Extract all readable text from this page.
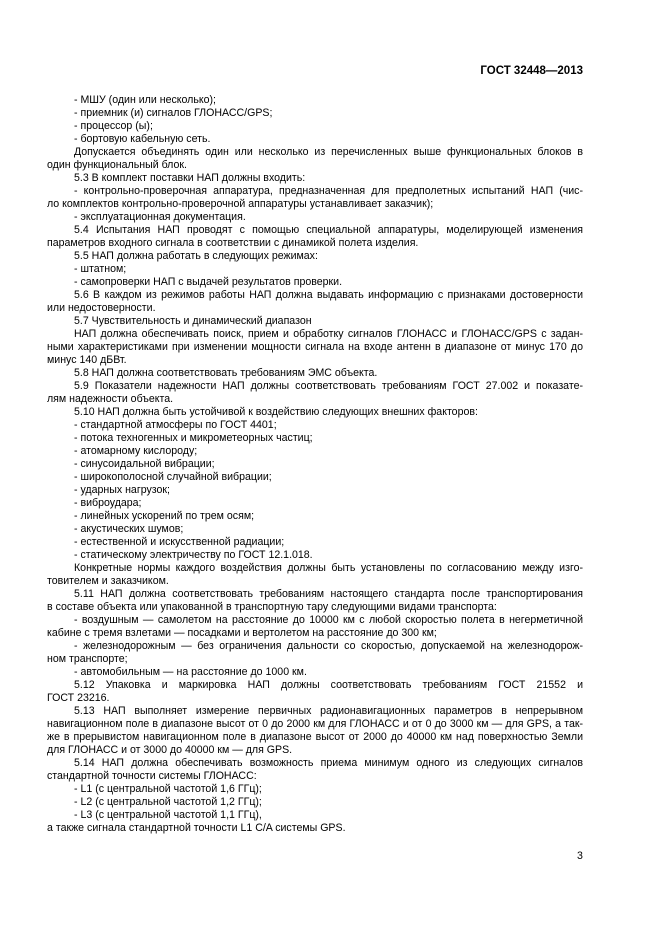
ГОСТ 32448—2013
- МШУ (один или несколько);
- приемник (и) сигналов ГЛОНАСС/GPS;
- процессор (ы);
- бортовую кабельную сеть.
Допускается объединять один или несколько из перечисленных выше функциональных блоков в
один функциональный блок.
5.3 В комплект поставки НАП должны входить:
- контрольно-проверочная аппаратура, предназначенная для предполетных испытаний НАП (чис-
ло комплектов контрольно-проверочной аппаратуры устанавливает заказчик);
- эксплуатационная документация.
5.4 Испытания НАП проводят с помощью специальной аппаратуры, моделирующей изменения
параметров входного сигнала в соответствии с динамикой полета изделия.
5.5 НАП должна работать в следующих режимах:
- штатном;
- самопроверки НАП с выдачей результатов проверки.
5.6 В каждом из режимов работы НАП должна выдавать информацию с признаками достоверности
или недостоверности.
5.7 Чувствительность и динамический диапазон
НАП должна обеспечивать поиск, прием и обработку сигналов ГЛОНАСС и ГЛОНАСС/GPS с задан-
ными характеристиками при изменении мощности сигнала на входе антенн в диапазоне от минус 170 до
минус 140 дБВт.
5.8 НАП должна соответствовать требованиям ЭМС объекта.
5.9 Показатели надежности НАП должны соответствовать требованиям ГОСТ 27.002 и показате-
лям надежности объекта.
5.10 НАП должна быть устойчивой к воздействию следующих внешних факторов:
- стандартной атмосферы по ГОСТ 4401;
- потока техногенных и микрометеорных частиц;
- атомарному кислороду;
- синусоидальной вибрации;
- широкополосной случайной вибрации;
- ударных нагрузок;
- виброудара;
- линейных ускорений по трем осям;
- акустических шумов;
- естественной и искусственной радиации;
- статическому электричеству по ГОСТ 12.1.018.
Конкретные нормы каждого воздействия должны быть установлены по согласованию между изго-
товителем и заказчиком.
5.11 НАП должна соответствовать требованиям настоящего стандарта после транспортирования
в составе объекта или упакованной в транспортную тару следующими видами транспорта:
- воздушным — самолетом на расстояние до 10000 км с любой скоростью полета в негерметичной
кабине с тремя взлетами — посадками и вертолетом на расстояние до 300 км;
- железнодорожным — без ограничения дальности со скоростью, допускаемой на железнодорож-
ном транспорте;
- автомобильным — на расстояние до 1000 км.
5.12 Упаковка и маркировка НАП должны соответствовать требованиям ГОСТ 21552 и
ГОСТ 23216.
5.13 НАП выполняет измерение первичных радионавигационных параметров в непрерывном
навигационном поле в диапазоне высот от 0 до 2000 км для ГЛОНАСС и от 0 до 3000 км — для GPS, а так-
же в прерывистом навигационном поле в диапазоне высот от 2000 до 40000 км над поверхностью Земли
для ГЛОНАСС и от 3000 до 40000 км — для GPS.
5.14 НАП должна обеспечивать возможность приема минимум одного из следующих сигналов
стандартной точности системы ГЛОНАСС:
- L1 (с центральной частотой 1,6 ГГц);
- L2 (с центральной частотой 1,2 ГГц);
- L3 (с центральной частотой 1,1 ГГц),
а также сигнала стандартной точности L1 C/A системы GPS.
3
